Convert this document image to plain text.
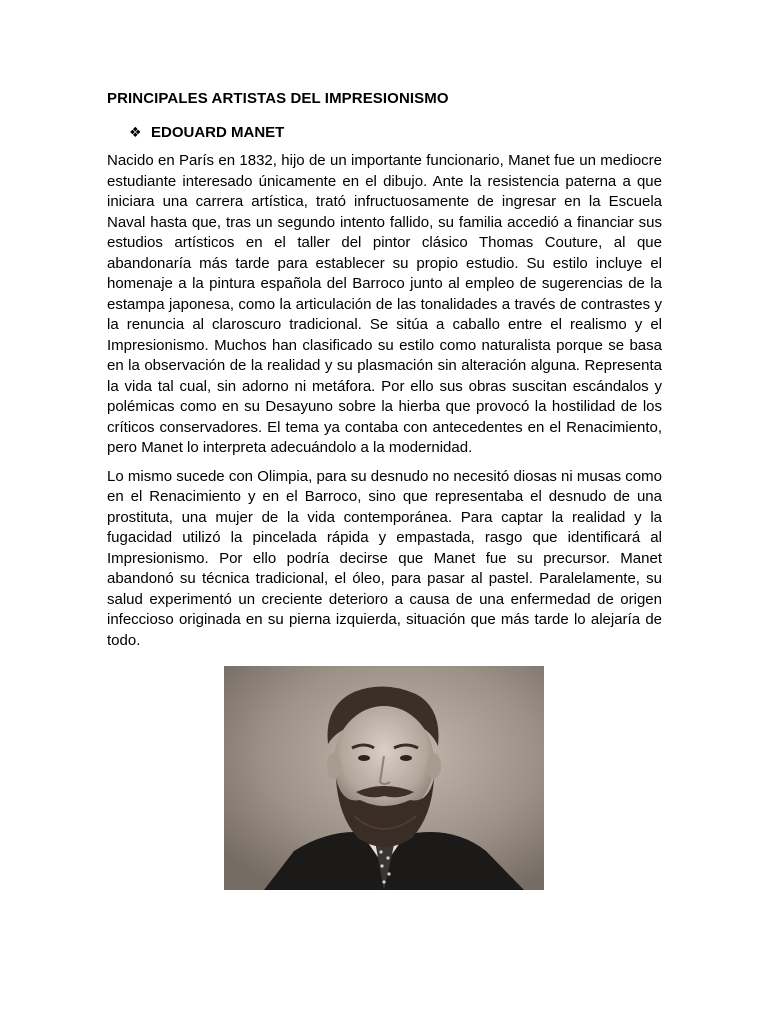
PRINCIPALES ARTISTAS DEL IMPRESIONISMO
❖ EDOUARD MANET

Nacido en París en 1832, hijo de un importante funcionario, Manet fue un mediocre estudiante interesado únicamente en el dibujo. Ante la resistencia paterna a que iniciara una carrera artística, trató infructuosamente de ingresar en la Escuela Naval hasta que, tras un segundo intento fallido, su familia accedió a financiar sus estudios artísticos en el taller del pintor clásico Thomas Couture, al que abandonaría más tarde para establecer su propio estudio. Su estilo incluye el homenaje a la pintura española del Barroco junto al empleo de sugerencias de la estampa japonesa, como la articulación de las tonalidades a través de contrastes y la renuncia al claroscuro tradicional. Se sitúa a caballo entre el realismo y el Impresionismo. Muchos han clasificado su estilo como naturalista porque se basa en la observación de la realidad y su plasmación sin alteración alguna. Representa la vida tal cual, sin adorno ni metáfora. Por ello sus obras suscitan escándalos y polémicas como en su Desayuno sobre la hierba que provocó la hostilidad de los críticos conservadores. El tema ya contaba con antecedentes en el Renacimiento, pero Manet lo interpreta adecuándolo a la modernidad.

Lo mismo sucede con Olimpia, para su desnudo no necesitó diosas ni musas como en el Renacimiento y en el Barroco, sino que representaba el desnudo de una prostituta, una mujer de la vida contemporánea. Para captar la realidad y la fugacidad utilizó la pincelada rápida y empastada, rasgo que identificará al Impresionismo. Por ello podría decirse que Manet fue su precursor. Manet abandonó su técnica tradicional, el óleo, para pasar al pastel. Paralelamente, su salud experimentó un creciente deterioro a causa de una enfermedad de origen infeccioso originada en su pierna izquierda, situación que más tarde lo alejaría de todo.
